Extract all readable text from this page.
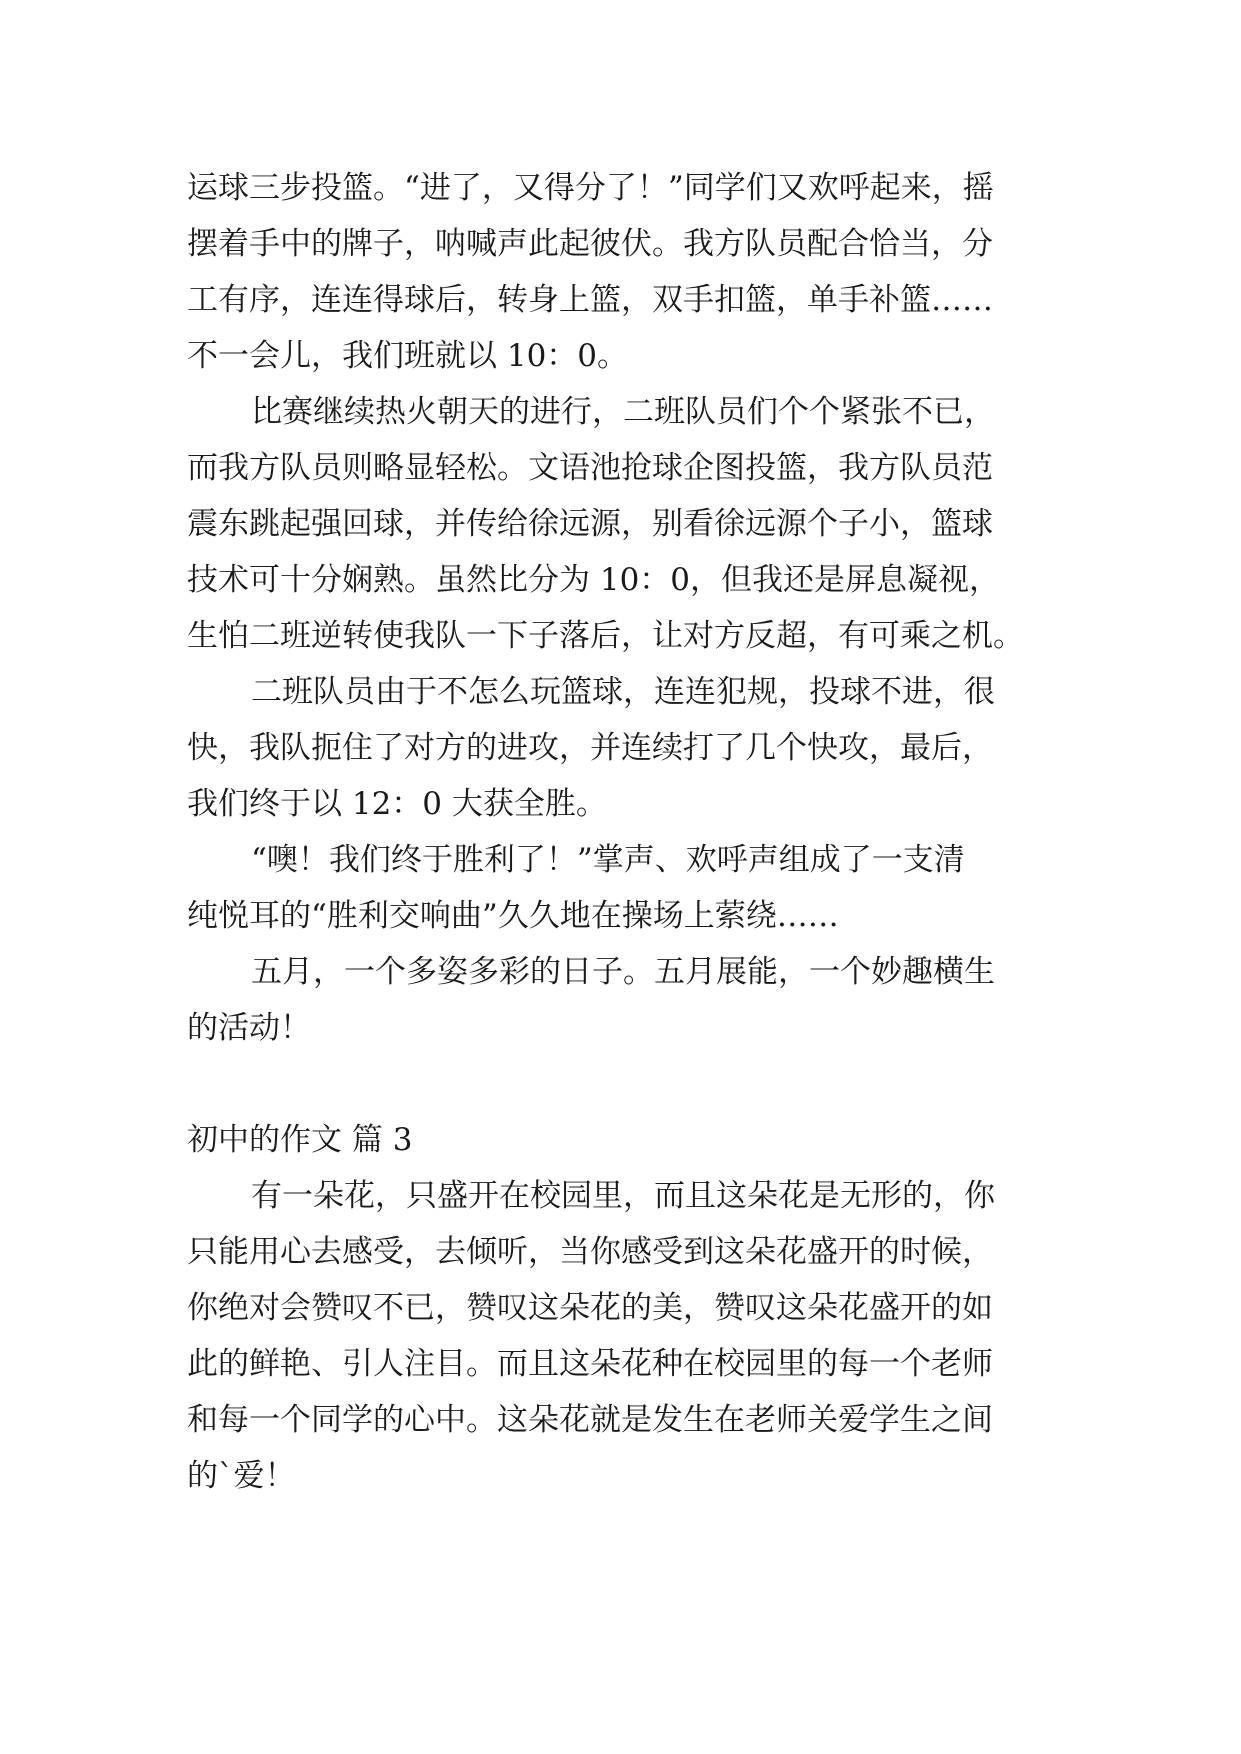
运球三步投篮。“进了，又得分了！”同学们又欢呼起来，摇
摆着手中的牌子，呐喊声此起彼伏。我方队员配合恰当，分
工有序，连连得球后，转身上篮，双手扣篮，单手补篮……
不一会儿，我们班就以 10：0。
比赛继续热火朝天的进行，二班队员们个个紧张不已，
而我方队员则略显轻松。文语池抢球企图投篮，我方队员范
震东跳起强回球，并传给徐远源，别看徐远源个子小，篮球
技术可十分娴熟。虽然比分为 10：0，但我还是屏息凝视，
生怕二班逆转使我队一下子落后，让对方反超，有可乘之机。
二班队员由于不怎么玩篮球，连连犯规，投球不进，很
快，我队扼住了对方的进攻，并连续打了几个快攻，最后，
我们终于以 12：0 大获全胜。
“噢！我们终于胜利了！”掌声、欢呼声组成了一支清
纯悦耳的“胜利交响曲”久久地在操场上萦绕……
五月，一个多姿多彩的日子。五月展能，一个妙趣横生
的活动！
初中的作文 篇 3
有一朵花，只盛开在校园里，而且这朵花是无形的，你
只能用心去感受，去倾听，当你感受到这朵花盛开的时候，
你绝对会赞叹不已，赞叹这朵花的美，赞叹这朵花盛开的如
此的鲜艳、引人注目。而且这朵花种在校园里的每一个老师
和每一个同学的心中。这朵花就是发生在老师关爱学生之间
的`爱！
